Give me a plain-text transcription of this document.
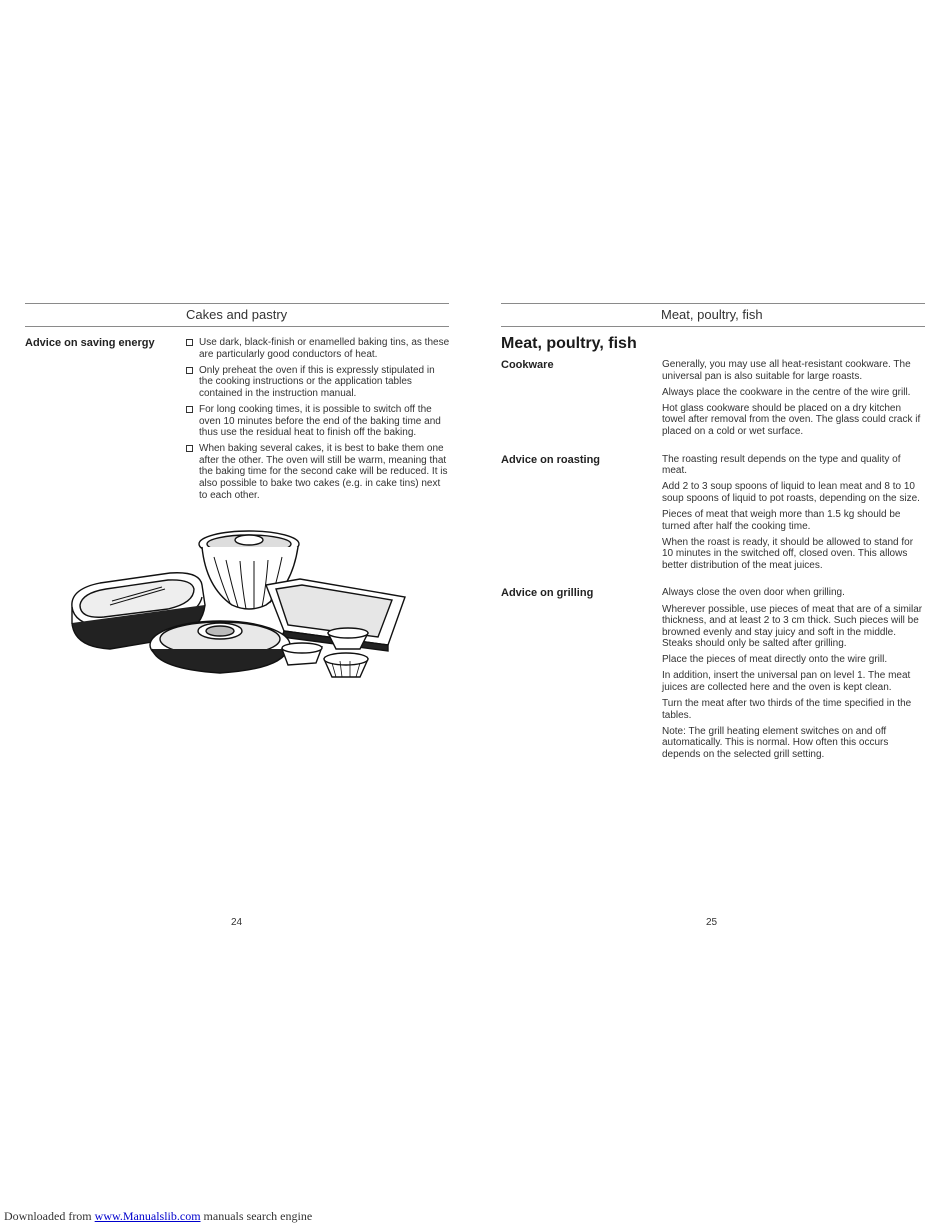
Cakes and pastry
Advice on saving energy	Use dark, black-finish or enamelled baking tins, as these are particularly good conductors of heat.
Only preheat the oven if this is expressly stipulated in the cooking instructions or the application tables contained in the instruction manual.
For long cooking times, it is possible to switch off the oven 10 minutes before the end of the baking time and thus use the residual heat to finish off the baking.
When baking several cakes, it is best to bake them one after the other. The oven will still be warm, meaning that the baking time for the second cake will be reduced. It is also possible to bake two cakes (e.g. in cake tins) next to each other.
24
Meat, poultry, fish
Meat, poultry, fish
Cookware	Generally, you may use all heat-resistant cookware. The universal pan is also suitable for large roasts.

Always place the cookware in the centre of the wire grill.

Hot glass cookware should be placed on a dry kitchen towel after removal from the oven. The glass could crack if placed on a cold or wet surface.

Advice on roasting	The roasting result depends on the type and quality of meat.

Add 2 to 3 soup spoons of liquid to lean meat and 8 to 10 soup spoons of liquid to pot roasts, depending on the size.

Pieces of meat that weigh more than 1.5 kg should be turned after half the cooking time.

When the roast is ready, it should be allowed to stand for 10 minutes in the switched off, closed oven. This allows better distribution of the meat juices.

Advice on grilling	Always close the oven door when grilling.

Wherever possible, use pieces of meat that are of a similar thickness, and at least 2 to 3 cm thick. Such pieces will be browned evenly and stay juicy and soft in the middle. Steaks should only be salted after grilling.

Place the pieces of meat directly onto the wire grill.

In addition, insert the universal pan on level 1. The meat juices are collected here and the oven is kept clean.

Turn the meat after two thirds of the time specified in the tables.

Note: The grill heating element switches on and off automatically. This is normal. How often this occurs depends on the selected grill setting.

25
Downloaded from www.Manualslib.com manuals search engine
